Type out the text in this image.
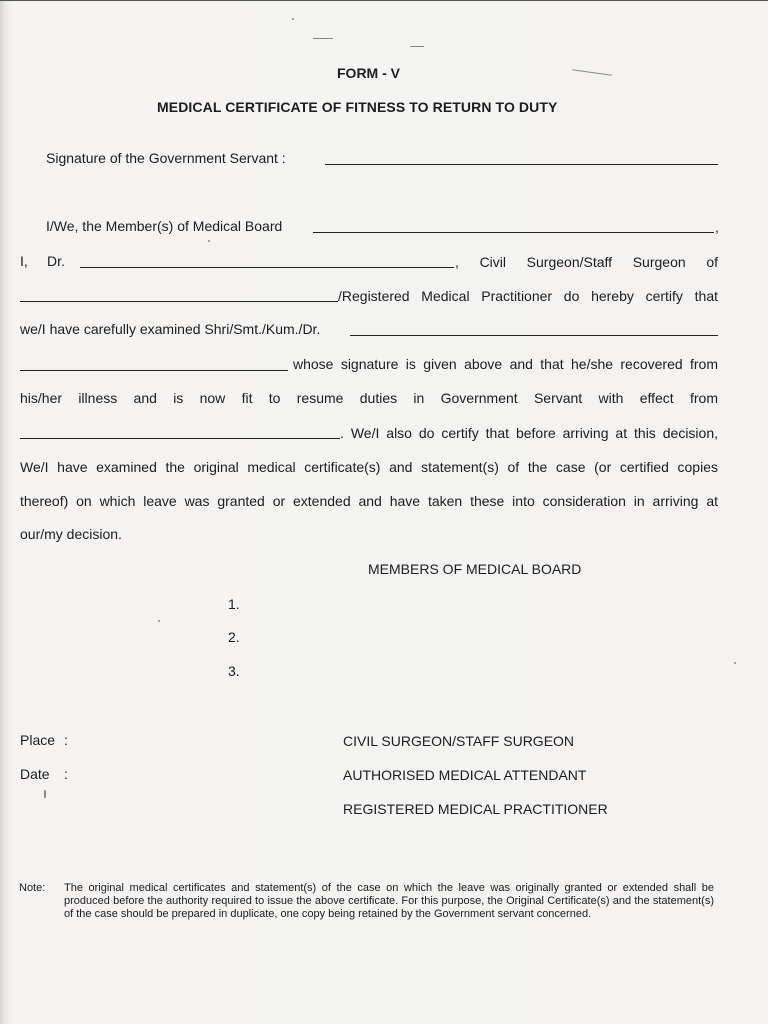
FORM - V
MEDICAL CERTIFICATE OF FITNESS TO RETURN TO DUTY
Signature of the Government Servant :
I/We, the Member(s) of Medical Board	,
I, Dr.	, Civil Surgeon/Staff Surgeon of
/Registered Medical Practitioner do hereby certify that
we/I have carefully examined Shri/Smt./Kum./Dr.
whose signature is given above and that he/she recovered from
his/her illness and is now fit to resume duties in Government Servant with effect from
. We/I also do certify that before arriving at this decision,
We/I have examined the original medical certificate(s) and statement(s) of the case (or certified copies
thereof) on which leave was granted or extended and have taken these into consideration in arriving at
our/my decision.
MEMBERS OF MEDICAL BOARD
1.
2.
3.
Place :
Date :
CIVIL SURGEON/STAFF SURGEON
AUTHORISED MEDICAL ATTENDANT
REGISTERED MEDICAL PRACTITIONER
Note: The original medical certificates and statement(s) of the case on which the leave was originally granted or extended shall be produced before the authority required to issue the above certificate. For this purpose, the Original Certificate(s) and the statement(s) of the case should be prepared in duplicate, one copy being retained by the Government servant concerned.
